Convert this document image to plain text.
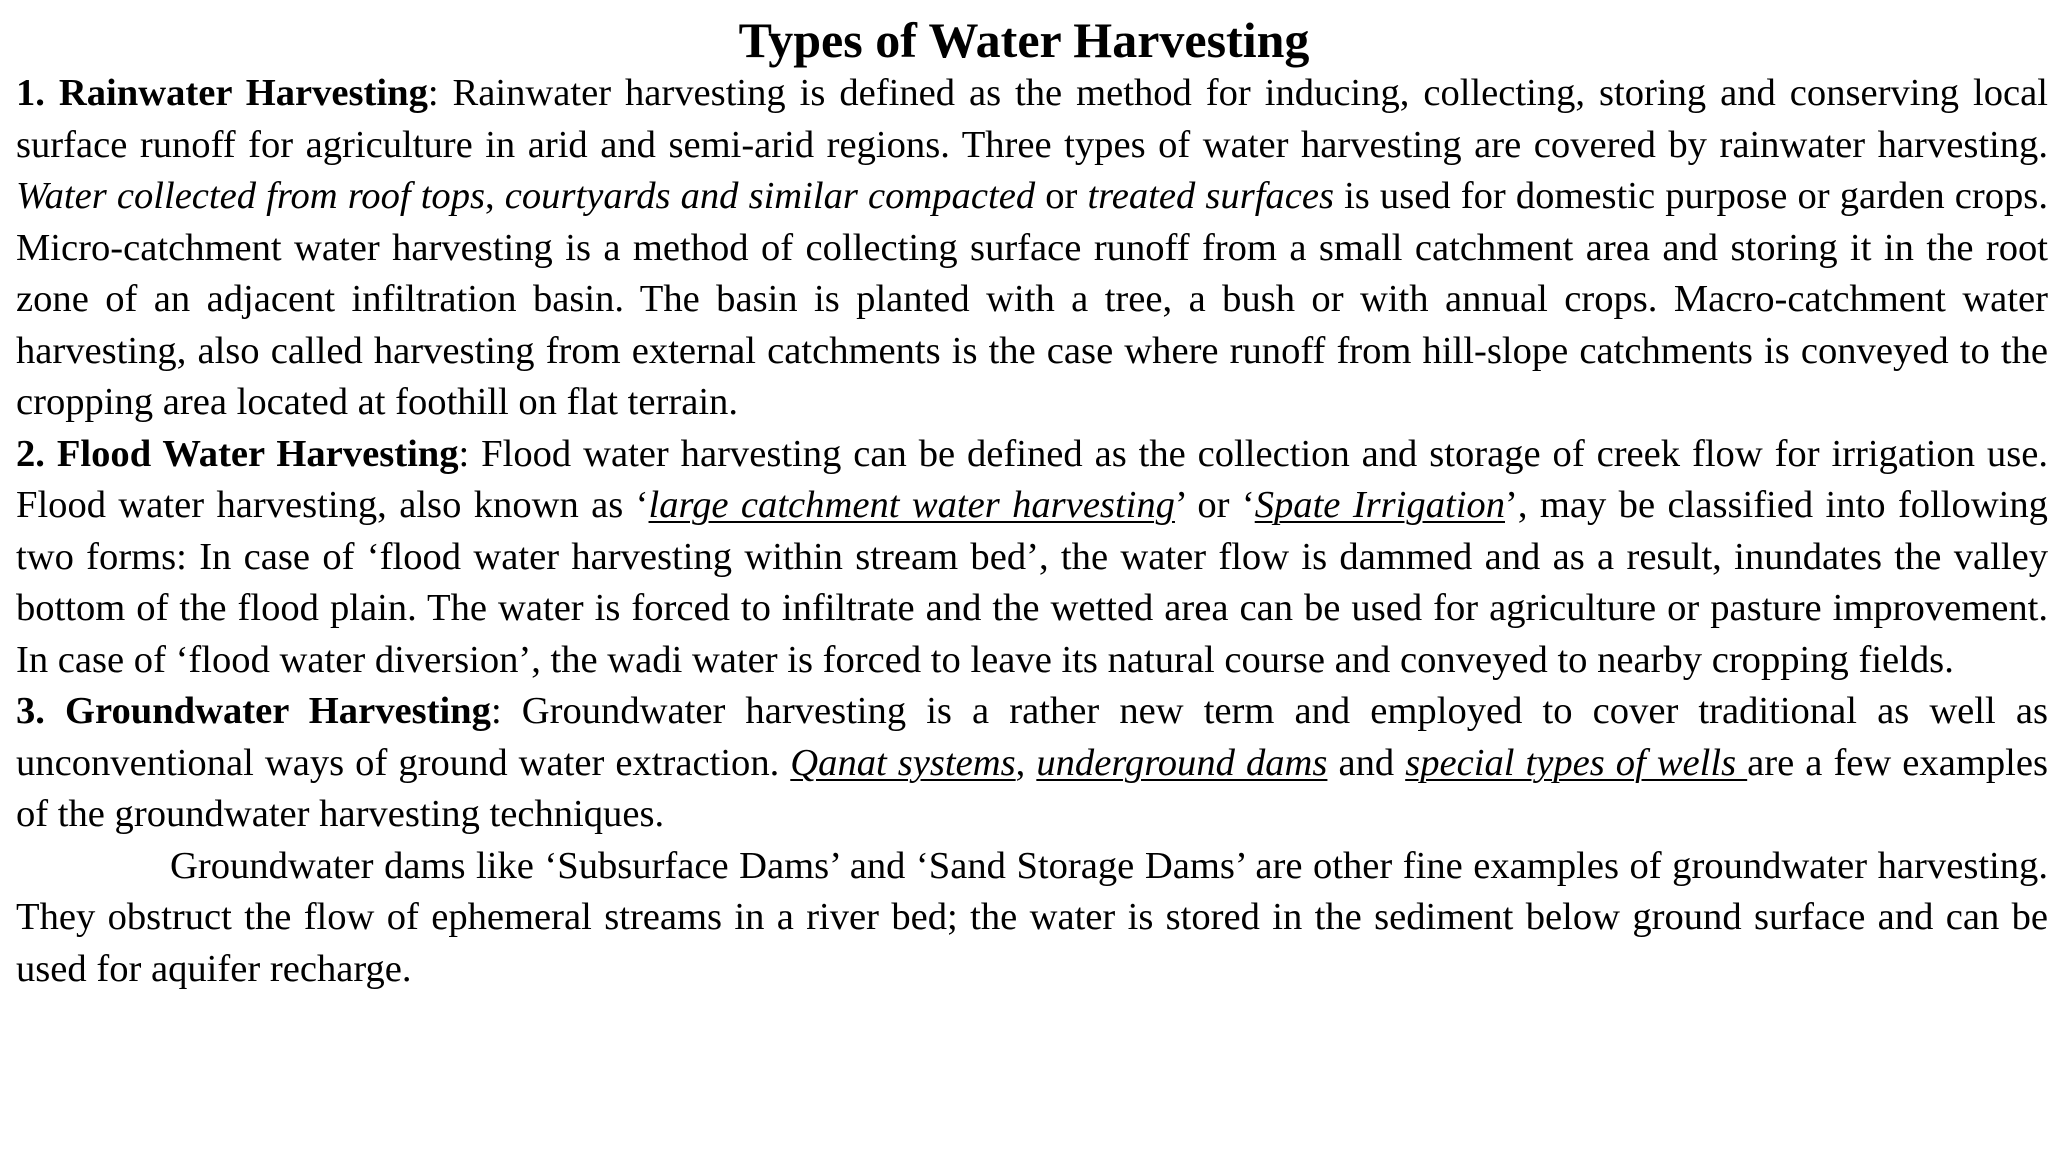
Types of Water Harvesting

1. Rainwater Harvesting: Rainwater harvesting is defined as the method for inducing, collecting, storing and conserving local surface runoff for agriculture in arid and semi-arid regions. Three types of water harvesting are covered by rainwater harvesting. Water collected from roof tops, courtyards and similar compacted or treated surfaces is used for domestic purpose or garden crops. Micro-catchment water harvesting is a method of collecting surface runoff from a small catchment area and storing it in the root zone of an adjacent infiltration basin. The basin is planted with a tree, a bush or with annual crops. Macro-catchment water harvesting, also called harvesting from external catchments is the case where runoff from hill-slope catchments is conveyed to the cropping area located at foothill on flat terrain.

2. Flood Water Harvesting: Flood water harvesting can be defined as the collection and storage of creek flow for irrigation use. Flood water harvesting, also known as ‘large catchment water harvesting’ or ‘Spate Irrigation’, may be classified into following two forms: In case of ‘flood water harvesting within stream bed’, the water flow is dammed and as a result, inundates the valley bottom of the flood plain. The water is forced to infiltrate and the wetted area can be used for agriculture or pasture improvement. In case of ‘flood water diversion’, the wadi water is forced to leave its natural course and conveyed to nearby cropping fields.

3. Groundwater Harvesting: Groundwater harvesting is a rather new term and employed to cover traditional as well as unconventional ways of ground water extraction. Qanat systems, underground dams and special types of wells are a few examples of the groundwater harvesting techniques.

Groundwater dams like ‘Subsurface Dams’ and ‘Sand Storage Dams’ are other fine examples of groundwater harvesting. They obstruct the flow of ephemeral streams in a river bed; the water is stored in the sediment below ground surface and can be used for aquifer recharge.
